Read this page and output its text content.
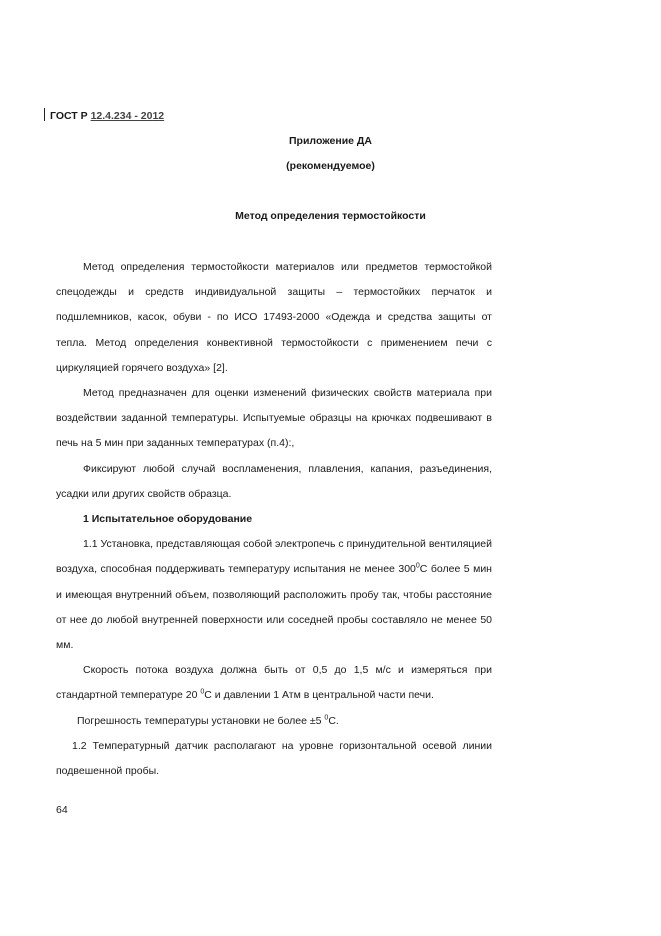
ГОСТ Р 12.4.234 - 2012
Приложение ДА
(рекомендуемое)
Метод определения термостойкости

Метод определения термостойкости материалов или предметов термостойкой спецодежды и средств индивидуальной защиты – термостойких перчаток и подшлемников, касок, обуви - по ИСО 17493-2000 «Одежда и средства защиты от тепла. Метод определения конвективной термостойкости с применением печи с циркуляцией горячего воздуха» [2].

Метод предназначен для оценки изменений физических свойств материала при воздействии заданной температуры. Испытуемые образцы на крючках подвешивают в печь на 5 мин при заданных температурах (п.4):,

Фиксируют любой случай воспламенения, плавления, капания, разъединения, усадки или других свойств образца.

1 Испытательное оборудование

1.1 Установка, представляющая собой электропечь с принудительной вентиляцией воздуха, способная поддерживать температуру испытания не менее $300^0С$ более 5 мин и имеющая внутренний объем, позволяющий расположить пробу так, чтобы расстояние от нее до любой внутренней поверхности или соседней пробы составляло не менее 50 мм.

Скорость потока воздуха должна быть от 0,5 до 1,5 м/с и измеряться при стандартной температуре 20 $^0$С и давлении 1 Атм в центральной части печи.

Погрешность температуры установки не более ±5 $^0$С.

1.2 Температурный датчик располагают на уровне горизонтальной осевой линии подвешенной пробы.

64
